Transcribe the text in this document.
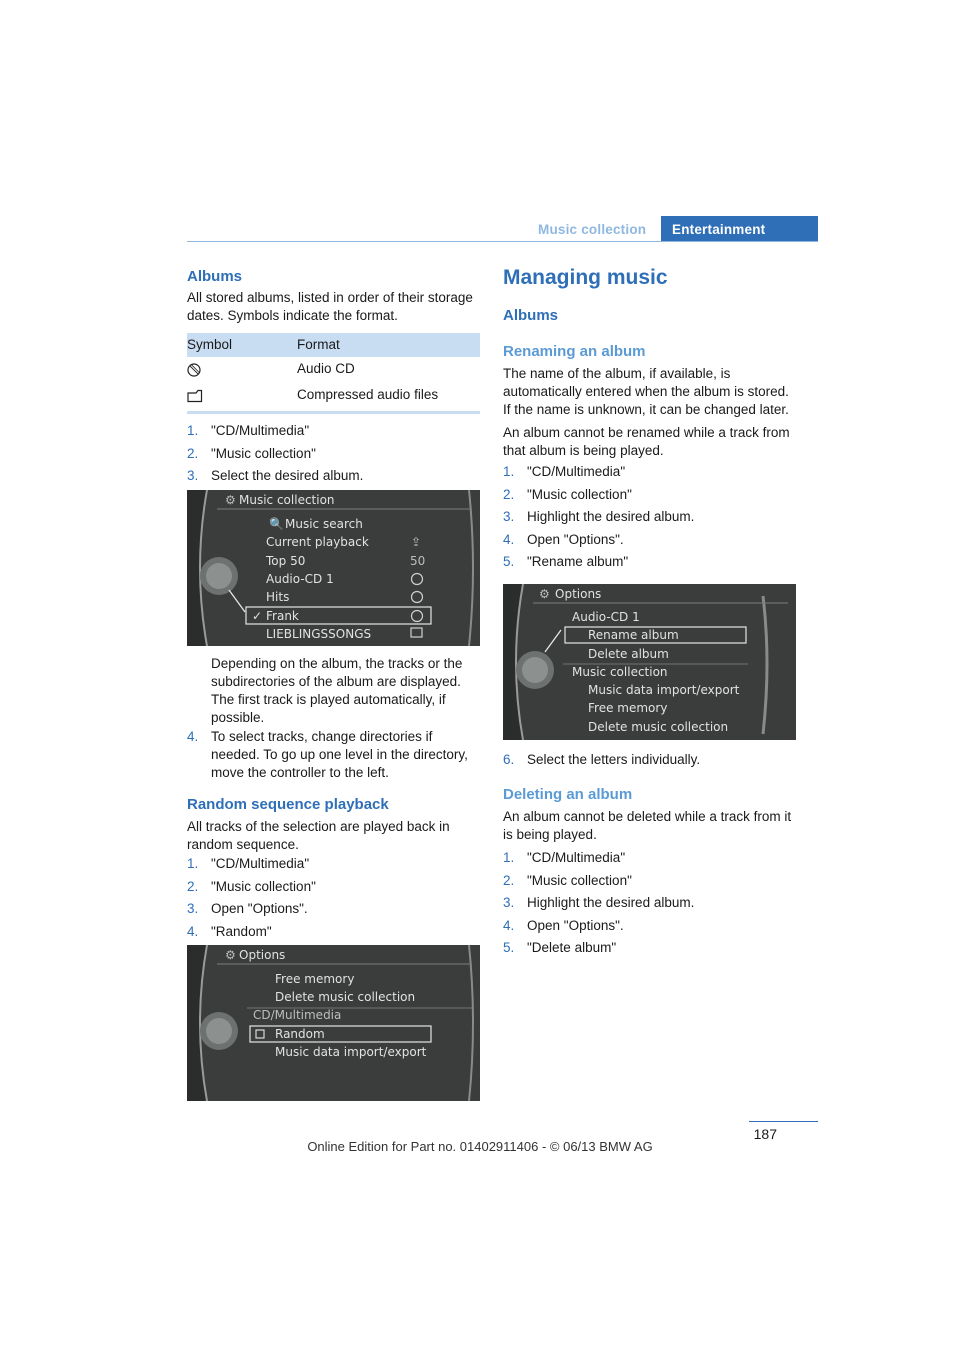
Music collection Entertainment
Albums
All stored albums, listed in order of their storage dates. Symbols indicate the format.
Symbol	Format
Audio CD
Compressed audio files
1. "CD/Multimedia"
2. "Music collection"
3. Select the desired album.
⚙ Music collection
🔍 Music search
Current playback
Top 50
Audio-CD 1
Hits
✓ Frank
LIEBLINGSSONGS
⇪
50
Depending on the album, the tracks or the subdirectories of the album are displayed. The first track is played automatically, if possible.
4. To select tracks, change directories if needed. To go up one level in the directory, move the controller to the left.
Random sequence playback
All tracks of the selection are played back in random sequence.
1. "CD/Multimedia"
2. "Music collection"
3. Open "Options".
4. "Random"
⚙ Options
Free memory
Delete music collection
CD/Multimedia
Random
Music data import/export
Managing music
Albums
Renaming an album
The name of the album, if available, is automatically entered when the album is stored. If the name is unknown, it can be changed later.
An album cannot be renamed while a track from that album is being played.
1. "CD/Multimedia"
2. "Music collection"
3. Highlight the desired album.
4. Open "Options".
5. "Rename album"
⚙ Options
Audio-CD 1
Rename album
Delete album
Music collection
Music data import/export
Free memory
Delete music collection
6. Select the letters individually.
Deleting an album
An album cannot be deleted while a track from it is being played.
1. "CD/Multimedia"
2. "Music collection"
3. Highlight the desired album.
4. Open "Options".
5. "Delete album"
187
Online Edition for Part no. 01402911406 - © 06/13 BMW AG
